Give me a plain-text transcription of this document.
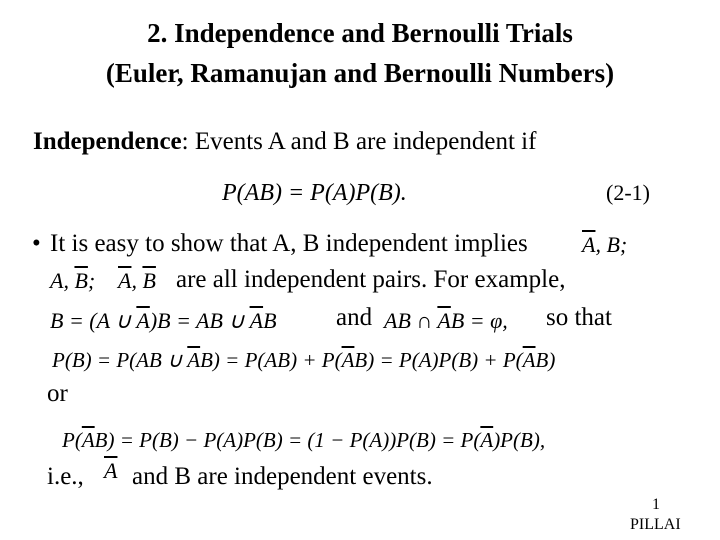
2. Independence and Bernoulli Trials
(Euler, Ramanujan and Bernoulli Numbers)
Independence: Events A and B are independent if
P(AB) = P(A)P(B).	(2-1)
• It is easy to show that A, B independent implies $\overline{A}$, B;
A, $\overline{B}$; $\overline{A}$, $\overline{B}$ are all independent pairs. For example,
B = (A ∪ $\overline{A})B$ = AB ∪ $\overline{A}B$ and AB ∩ $\overline{A}B = \varphi$, so that
P(B) = P(AB ∪ $\overline{A}B) = P(AB) + P(\overline{A}B) = P(A)P(B) + P(\overline{A}B)$
or
$P(\overline{A}B) = P(B) - P(A)P(B) = (1 - P(A))P(B) = P(\overline{A})P(B)$,
i.e., $\overline{A}$ and B are independent events.
1
PILLAI
